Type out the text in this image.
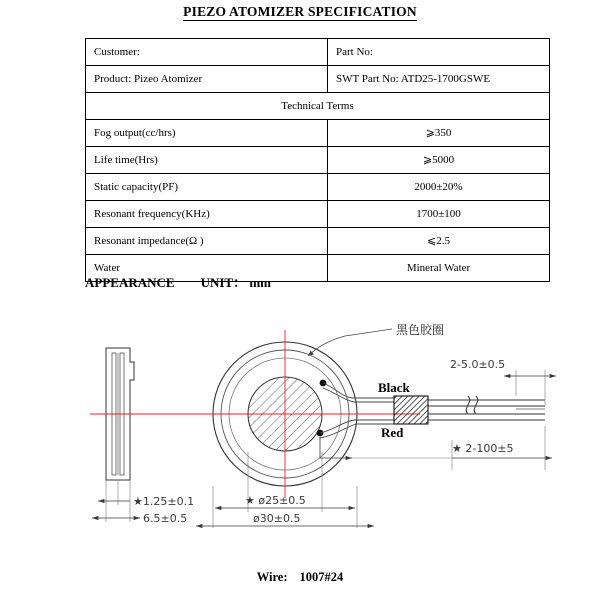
PIEZO ATOMIZER SPECIFICATION
Customer:	Part No:
Product: Pizeo Atomizer	SWT Part No: ATD25-1700GSWE
Technical Terms	
Fog output(cc/hrs)	⩾350
Life time(Hrs)	⩾5000
Static capacity(PF)	2000±20%
Resonant frequency(KHz)	1700±100
Resonant impedance(Ω )	⩽2.5
Water	Mineral Water
APPEARANCE UNIT： mm
★1.25±0.1
6.5±0.5
黑色胶圈
Black
Red
2-5.0±0.5
★ 2-100±5
★ ø25±0.5
ø30±0.5
Wire: 1007#24
